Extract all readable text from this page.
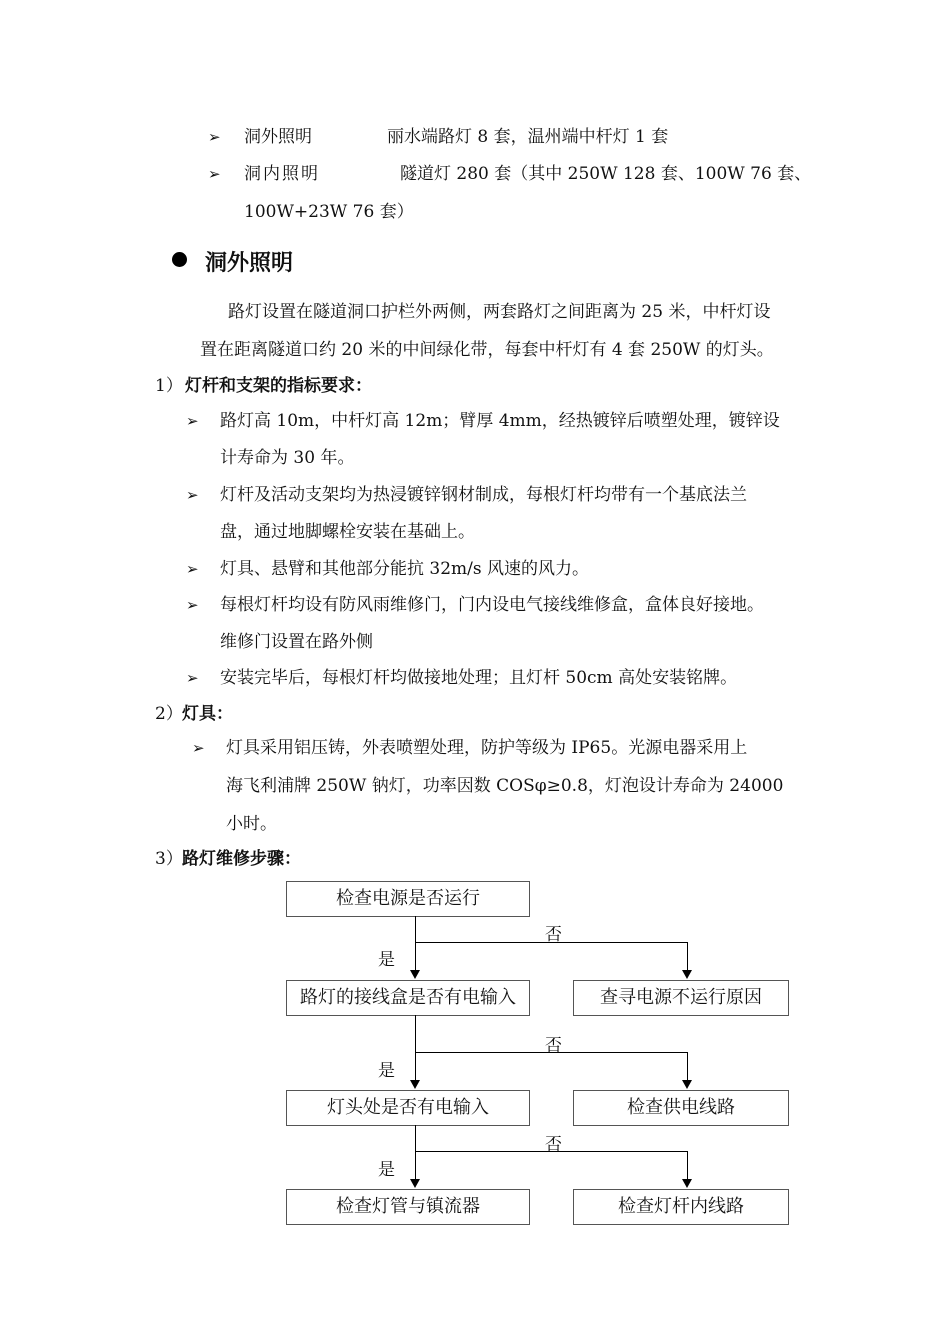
➢ 洞外照明	丽水端路灯 8 套，温州端中杆灯 1 套
➢ 洞内照明	隧道灯 280 套（其中 250W 128 套、100W 76 套、
100W+23W 76 套）
洞外照明
路灯设置在隧道洞口护栏外两侧，两套路灯之间距离为 25 米，中杆灯设
置在距离隧道口约 20 米的中间绿化带，每套中杆灯有 4 套 250W 的灯头。
1） 灯杆和支架的指标要求：
➢ 路灯高 10m，中杆灯高 12m；臂厚 4mm，经热镀锌后喷塑处理，镀锌设
计寿命为 30 年。
➢ 灯杆及活动支架均为热浸镀锌钢材制成，每根灯杆均带有一个基底法兰
盘，通过地脚螺栓安装在基础上。
➢ 灯具、悬臂和其他部分能抗 32m/s 风速的风力。
➢ 每根灯杆均设有防风雨维修门，门内设电气接线维修盒，盒体良好接地。
维修门设置在路外侧
➢ 安装完毕后，每根灯杆均做接地处理；且灯杆 50cm 高处安装铭牌。
2） 灯具：
➢ 灯具采用铝压铸，外表喷塑处理，防护等级为 IP65。光源电器采用上
海飞利浦牌 250W 钠灯，功率因数 COSφ≥0.8，灯泡设计寿命为 24000
小时。
3） 路灯维修步骤：
检查电源是否运行
路灯的接线盒是否有电输入
灯头处是否有电输入
检查灯管与镇流器
查寻电源不运行原因
检查供电线路
检查灯杆内线路
否
是
否
是
否
是
